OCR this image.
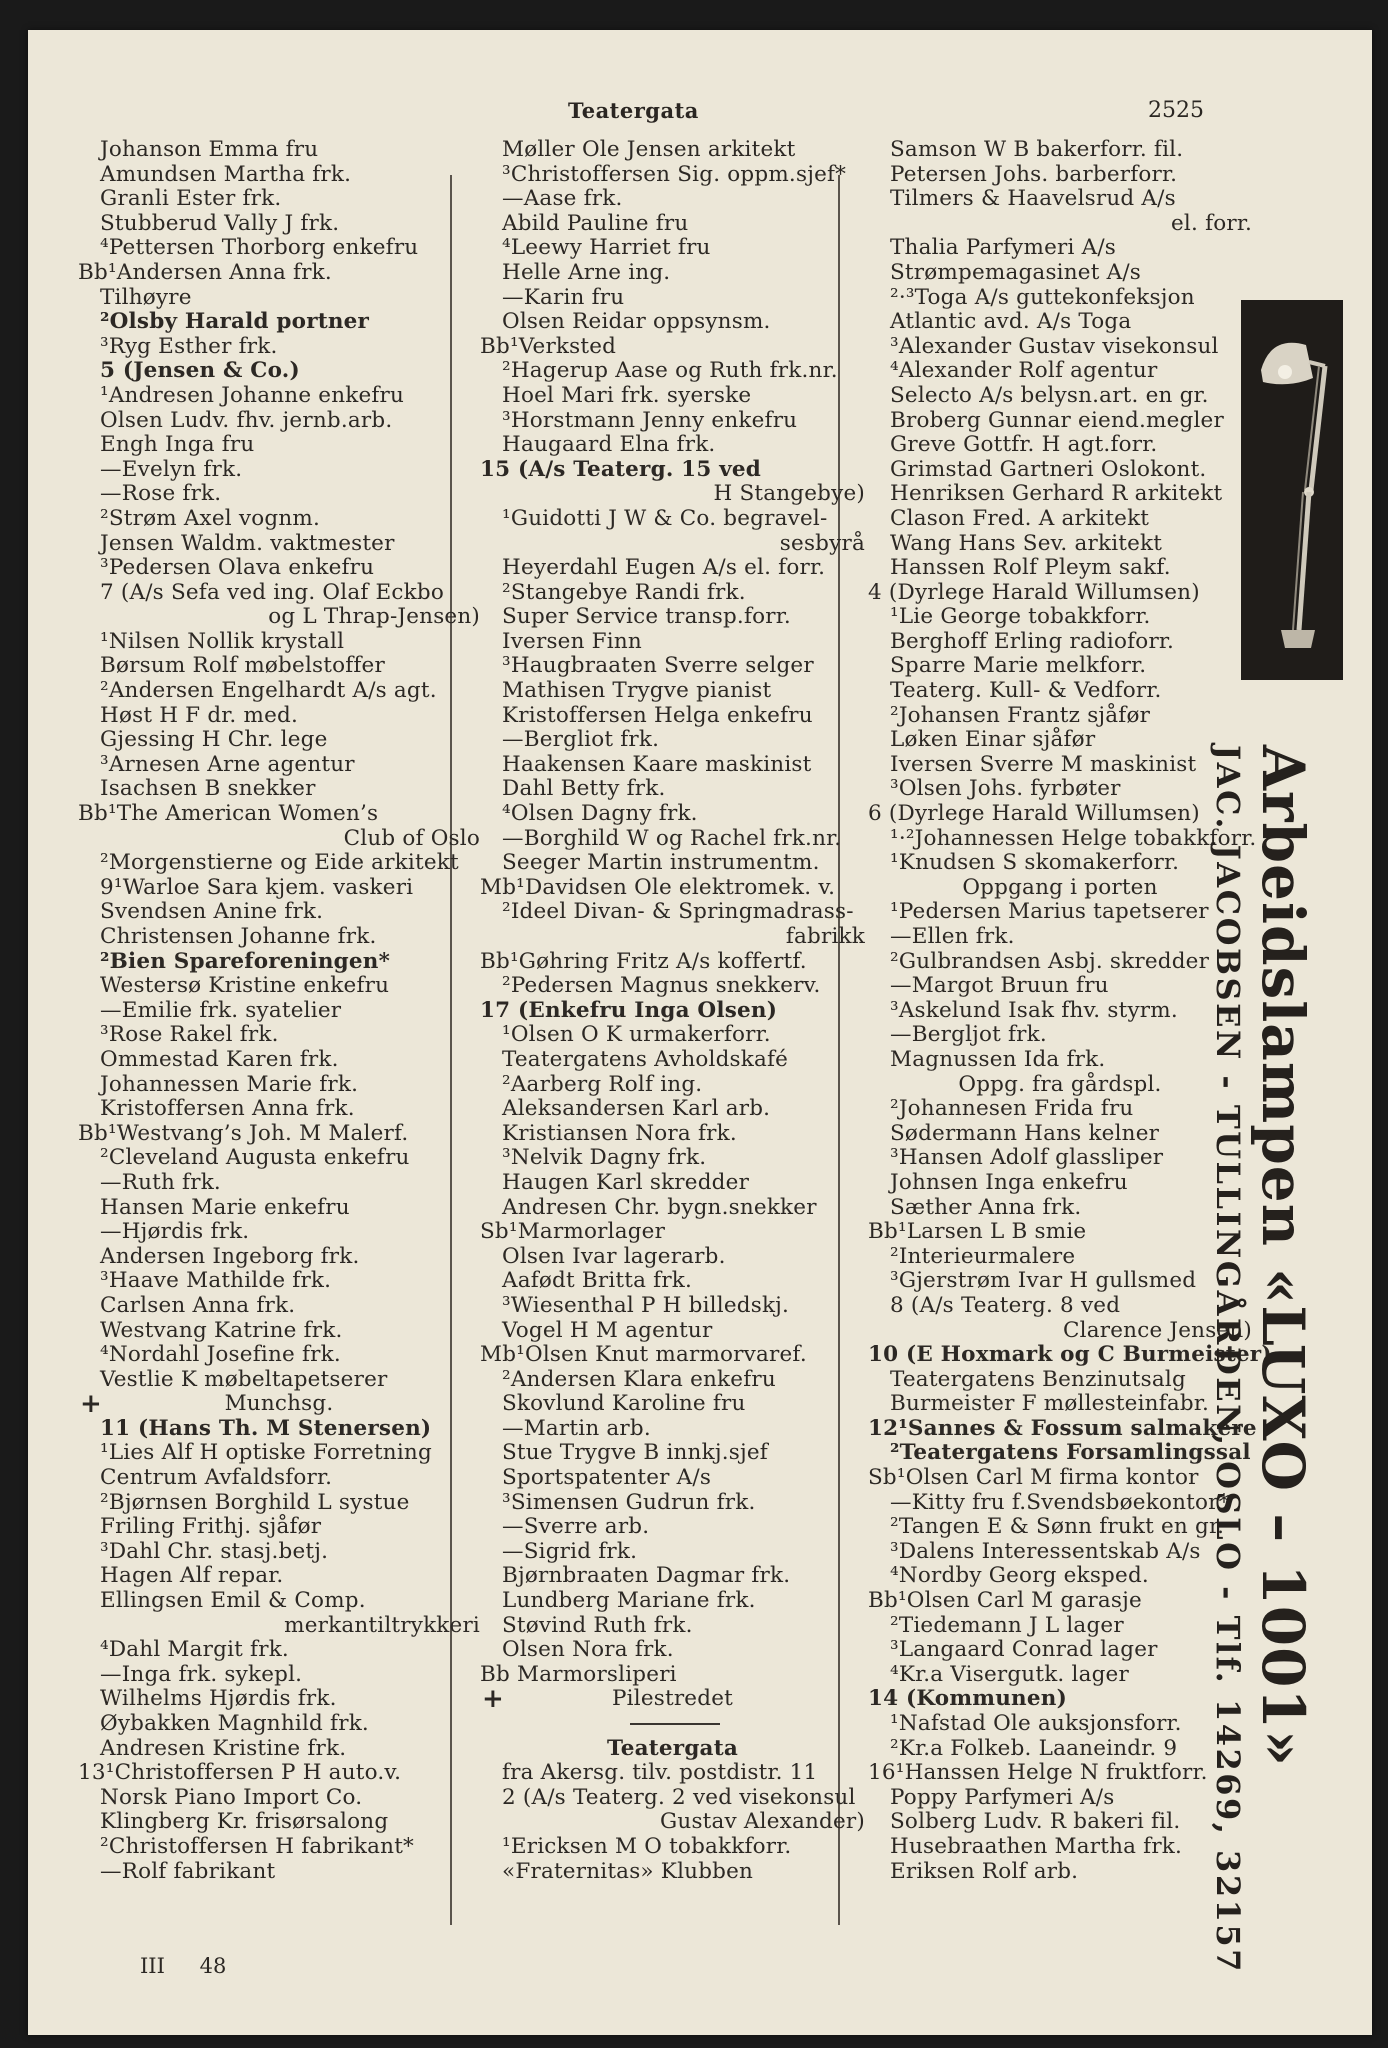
Teatergata	2525
Johanson Emma fru
Amundsen Martha frk.
Granli Ester frk.
Stubberud Vally J frk.
⁴Pettersen Thorborg enkefru
Bb¹Andersen Anna frk.
Tilhøyre
²Olsby Harald portner
³Ryg Esther frk.
5 (Jensen & Co.)
¹Andresen Johanne enkefru
Olsen Ludv. fhv. jernb.arb.
Engh Inga fru
—Evelyn frk.
—Rose frk.
²Strøm Axel vognm.
Jensen Waldm. vaktmester
³Pedersen Olava enkefru
7 (A/s Sefa ved ing. Olaf Eckbo
og L Thrap-Jensen)
¹Nilsen Nollik krystall
Børsum Rolf møbelstoffer
²Andersen Engelhardt A/s agt.
Høst H F dr. med.
Gjessing H Chr. lege
³Arnesen Arne agentur
Isachsen B snekker
Bb¹The American Women’s
Club of Oslo
²Morgenstierne og Eide arkitekt
9¹Warloe Sara kjem. vaskeri
Svendsen Anine frk.
Christensen Johanne frk.
²Bien Spareforeningen*
Westersø Kristine enkefru
—Emilie frk. syatelier
³Rose Rakel frk.
Ommestad Karen frk.
Johannessen Marie frk.
Kristoffersen Anna frk.
Bb¹Westvang’s Joh. M Malerf.
²Cleveland Augusta enkefru
—Ruth frk.
Hansen Marie enkefru
—Hjørdis frk.
Andersen Ingeborg frk.
³Haave Mathilde frk.
Carlsen Anna frk.
Westvang Katrine frk.
⁴Nordahl Josefine frk.
Vestlie K møbeltapetserer
Munchsg.
+
11 (Hans Th. M Stenersen)
¹Lies Alf H optiske Forretning
Centrum Avfaldsforr.
²Bjørnsen Borghild L systue
Friling Frithj. sjåfør
³Dahl Chr. stasj.betj.
Hagen Alf repar.
Ellingsen Emil & Comp.
merkantiltrykkeri
⁴Dahl Margit frk.
—Inga frk. sykepl.
Wilhelms Hjørdis frk.
Øybakken Magnhild frk.
Andresen Kristine frk.
13¹Christoffersen P H auto.v.
Norsk Piano Import Co.
Klingberg Kr. frisørsalong
²Christoffersen H fabrikant*
—Rolf fabrikant
Møller Ole Jensen arkitekt
³Christoffersen Sig. oppm.sjef*
—Aase frk.
Abild Pauline fru
⁴Leewy Harriet fru
Helle Arne ing.
—Karin fru
Olsen Reidar oppsynsm.
Bb¹Verksted
²Hagerup Aase og Ruth frk.nr.
Hoel Mari frk. syerske
³Horstmann Jenny enkefru
Haugaard Elna frk.
15 (A/s Teaterg. 15 ved
H Stangebye)
¹Guidotti J W & Co. begravel-
sesbyrå
Heyerdahl Eugen A/s el. forr.
²Stangebye Randi frk.
Super Service transp.forr.
Iversen Finn
³Haugbraaten Sverre selger
Mathisen Trygve pianist
Kristoffersen Helga enkefru
—Bergliot frk.
Haakensen Kaare maskinist
Dahl Betty frk.
⁴Olsen Dagny frk.
—Borghild W og Rachel frk.nr.
Seeger Martin instrumentm.
Mb¹Davidsen Ole elektromek. v.
²Ideel Divan- & Springmadrass-
fabrikk
Bb¹Gøhring Fritz A/s koffertf.
²Pedersen Magnus snekkerv.
17 (Enkefru Inga Olsen)
¹Olsen O K urmakerforr.
Teatergatens Avholdskafé
²Aarberg Rolf ing.
Aleksandersen Karl arb.
Kristiansen Nora frk.
³Nelvik Dagny frk.
Haugen Karl skredder
Andresen Chr. bygn.snekker
Sb¹Marmorlager
Olsen Ivar lagerarb.
Aafødt Britta frk.
³Wiesenthal P H billedskj.
Vogel H M agentur
Mb¹Olsen Knut marmorvaref.
²Andersen Klara enkefru
Skovlund Karoline fru
—Martin arb.
Stue Trygve B innkj.sjef
Sportspatenter A/s
³Simensen Gudrun frk.
—Sverre arb.
—Sigrid frk.
Bjørnbraaten Dagmar frk.
Lundberg Mariane frk.
Støvind Ruth frk.
Olsen Nora frk.
Bb Marmorsliperi
Pilestredet
+
Teatergata
fra Akersg. tilv. postdistr. 11
2 (A/s Teaterg. 2 ved visekonsul
Gustav Alexander)
¹Ericksen M O tobakkforr.
«Fraternitas» Klubben
Samson W B bakerforr. fil.
Petersen Johs. barberforr.
Tilmers & Haavelsrud A/s
el. forr.
Thalia Parfymeri A/s
Strømpemagasinet A/s
²·³Toga A/s guttekonfeksjon
Atlantic avd. A/s Toga
³Alexander Gustav visekonsul
⁴Alexander Rolf agentur
Selecto A/s belysn.art. en gr.
Broberg Gunnar eiend.megler
Greve Gottfr. H agt.forr.
Grimstad Gartneri Oslokont.
Henriksen Gerhard R arkitekt
Clason Fred. A arkitekt
Wang Hans Sev. arkitekt
Hanssen Rolf Pleym sakf.
4 (Dyrlege Harald Willumsen)
¹Lie George tobakkforr.
Berghoff Erling radioforr.
Sparre Marie melkforr.
Teaterg. Kull- & Vedforr.
²Johansen Frantz sjåfør
Løken Einar sjåfør
Iversen Sverre M maskinist
³Olsen Johs. fyrbøter
6 (Dyrlege Harald Willumsen)
¹·²Johannessen Helge tobakkforr.
¹Knudsen S skomakerforr.
Oppgang i porten
¹Pedersen Marius tapetserer
—Ellen frk.
²Gulbrandsen Asbj. skredder
—Margot Bruun fru
³Askelund Isak fhv. styrm.
—Bergljot frk.
Magnussen Ida frk.
Oppg. fra gårdspl.
²Johannesen Frida fru
Sødermann Hans kelner
³Hansen Adolf glassliper
Johnsen Inga enkefru
Sæther Anna frk.
Bb¹Larsen L B smie
²Interieurmalere
³Gjerstrøm Ivar H gullsmed
8 (A/s Teaterg. 8 ved
Clarence Jensen)
10 (E Hoxmark og C Burmeister)
Teatergatens Benzinutsalg
Burmeister F møllesteinfabr.
12¹Sannes & Fossum salmakere
²Teatergatens Forsamlingssal
Sb¹Olsen Carl M firma kontor
—Kitty fru f.Svendsbøekontor*
²Tangen E & Sønn frukt en gr.
³Dalens Interessentskab A/s
⁴Nordby Georg eksped.
Bb¹Olsen Carl M garasje
²Tiedemann J L lager
³Langaard Conrad lager
⁴Kr.a Visergutk. lager
14 (Kommunen)
¹Nafstad Ole auksjonsforr.
²Kr.a Folkeb. Laaneindr. 9
16¹Hanssen Helge N fruktforr.
Poppy Parfymeri A/s
Solberg Ludv. R bakeri fil.
Husebraathen Martha frk.
Eriksen Rolf arb.
Arbeidslampen «LUXO – 1001»
JAC. JACOBSEN - TULLINGÅRDEN, OSLO - Tlf. 14269, 32157
III 48
